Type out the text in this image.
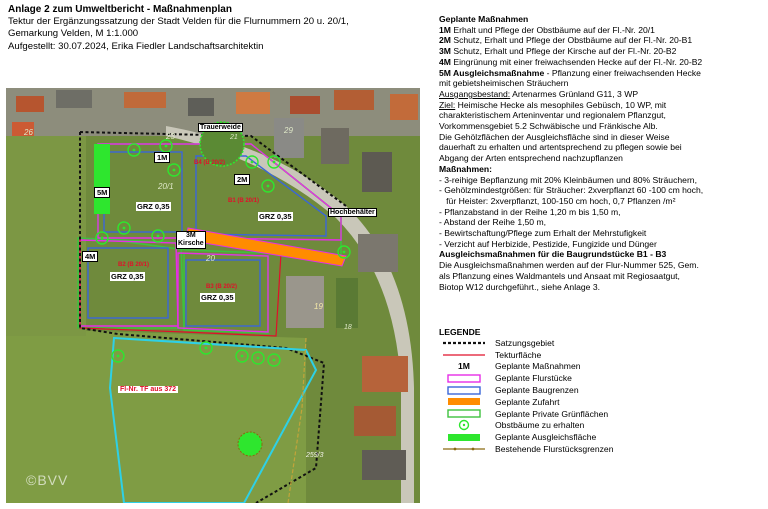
Anlage 2 zum Umweltbericht - Maßnahmenplan
Tektur der Ergänzungssatzung der Stadt Velden für die Flurnummern 20 u. 20/1,
Gemarkung Velden, M 1:1.000
Aufgestellt: 30.07.2024, Erika Fiedler Landschaftsarchitektin
Trauerweide
1M
2M
3M
Kirsche
4M
5M
Hochbehälter
GRZ 0,35
GRZ 0,35
GRZ 0,35
GRZ 0,35
B1 (B 20/1)
B2 (B 20/1)
B3 (B 20/2)
B4 (B 20/2)
20/1
20
19
23
29
18
26
21
Fl-Nr. TF aus 372
©BVV
259/3
Geplante Maßnahmen
1M Erhalt und Pflege der Obstbäume auf der Fl.-Nr. 20/1
2M Schutz, Erhalt und Pflege der Obstbäume auf der Fl.-Nr. 20-B1
3M Schutz, Erhalt und Pflege der Kirsche auf der Fl.-Nr. 20-B2
4M Eingrünung mit einer freiwachsenden Hecke auf der Fl.-Nr. 20-B2
5M Ausgleichsmaßnahme - Pflanzung einer freiwachsenden Hecke
mit gebietsheimischen Sträuchern
Ausgangsbestand: Artenarmes Grünland G11, 3 WP
Ziel: Heimische Hecke als mesophiles Gebüsch, 10 WP, mit
charakteristischem Arteninventar und regionalem Pflanzgut,
Vorkommensgebiet 5.2 Schwäbische und Fränkische Alb.
Die Gehölzflächen der Ausgleichsfläche sind in dieser Weise
dauerhaft zu erhalten und artentsprechend zu pflegen sowie bei
Abgang der Arten entsprechend nachzupflanzen
Maßnahmen:
- 3-reihige Bepflanzung mit 20% Kleinbäumen und 80% Sträuchern,
- Gehölzmindestgrößen: für Sträucher: 2xverpflanzt 60 -100 cm hoch,
für Heister: 2xverpflanzt, 100-150 cm hoch, 0,7 Pflanzen /m²
- Pflanzabstand in der Reihe 1,20 m bis 1,50 m,
- Abstand der Reihe 1,50 m,
- Bewirtschaftung/Pflege zum Erhalt der Mehrstufigkeit
- Verzicht auf Herbizide, Pestizide, Fungizide und Dünger
Ausgleichsmaßnahmen für die Baugrundstücke B1 - B3
Die Ausgleichsmaßnahmen werden auf der Flur-Nummer 525, Gem.
als Pflanzung eines Waldmantels und Ansaat mit Regiosaatgut,
Biotop W12 durchgeführt., siehe Anlage 3.
LEGENDE
Satzungsgebiet
Tekturfläche
1M	Geplante Maßnahmen
Geplante Flurstücke
Geplante Baugrenzen
Geplante Zufahrt
Geplante Private Grünflächen
Obstbäume zu erhalten
Geplante Ausgleichsfläche
Bestehende Flurstücksgrenzen
